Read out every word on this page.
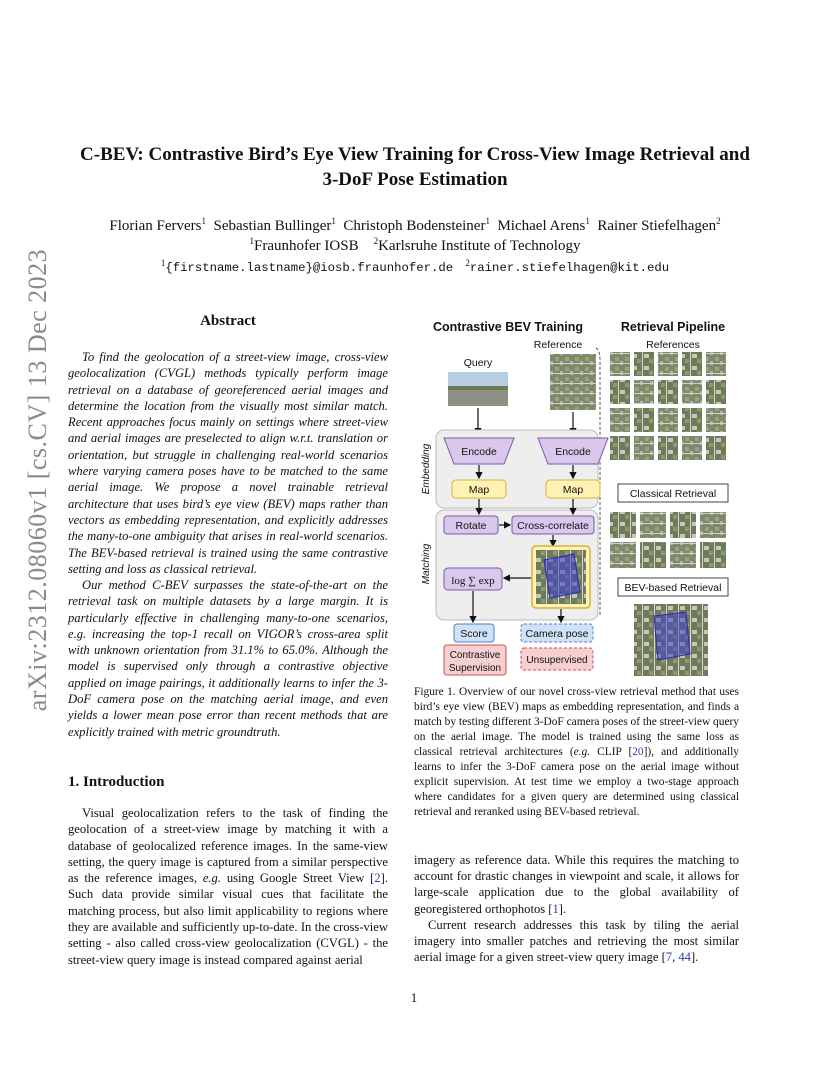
arXiv:2312.08060v1 [cs.CV] 13 Dec 2023
C-BEV: Contrastive Bird’s Eye View Training for Cross-View Image Retrieval and
3-DoF Pose Estimation
Florian Fervers$^1$ Sebastian Bullinger$^1$ Christoph Bodensteiner$^1$ Michael Arens$^1$ Rainer Stiefelhagen$^2$
$^1$Fraunhofer IOSB $^2$Karlsruhe Institute of Technology
$^1${firstname.lastname}@iosb.fraunhofer.de $^2$rainer.stiefelhagen@kit.edu
Abstract

To find the geolocation of a street-view image, cross-view geolocalization (CVGL) methods typically perform image retrieval on a database of georeferenced aerial images and determine the location from the visually most similar match. Recent approaches focus mainly on settings where street-view and aerial images are preselected to align w.r.t. translation or orientation, but struggle in challenging real-world scenarios where varying camera poses have to be matched to the same aerial image. We propose a novel trainable retrieval architecture that uses bird’s eye view (BEV) maps rather than vectors as embedding representation, and explicitly addresses the many-to-one ambiguity that arises in real-world scenarios. The BEV-based retrieval is trained using the same contrastive setting and loss as classical retrieval.

Our method C-BEV surpasses the state-of-the-art on the retrieval task on multiple datasets by a large margin. It is particularly effective in challenging many-to-one scenarios, e.g. increasing the top-1 recall on VIGOR’s cross-area split with unknown orientation from 31.1% to 65.0%. Although the model is supervised only through a contrastive objective applied on image pairings, it additionally learns to infer the 3-DoF camera pose on the matching aerial image, and even yields a lower mean pose error than recent methods that are explicitly trained with metric groundtruth.

1. Introduction

Visual geolocalization refers to the task of finding the geolocation of a street-view image by matching it with a database of geolocalized reference images. In the same-view setting, the query image is captured from a similar perspective as the reference images, e.g. using Google Street View [2]. Such data provide similar visual cues that facilitate the matching process, but also limit applicability to regions where they are available and sufficiently up-to-date. In the cross-view setting - also called cross-view geolocalization (CVGL) - the street-view query image is instead compared against aerial

Contrastive BEV Training	Retrieval Pipeline
Reference	References
Query
Embedding	Encode	Encode
Map	Map
Matching
Rotate	Cross-correlate
log ∑ exp
Score	Camera pose
Contrastive
Supervision
Unsupervised
Classical Retrieval
BEV-based Retrieval
Figure 1. Overview of our novel cross-view retrieval method that uses bird’s eye view (BEV) maps as embedding representation, and finds a match by testing different 3-DoF camera poses of the street-view query on the aerial image. The model is trained using the same loss as classical retrieval architectures (e.g. CLIP [20]), and additionally learns to infer the 3-DoF camera pose on the aerial image without explicit supervision. At test time we employ a two-stage approach where candidates for a given query are determined using classical retrieval and reranked using BEV-based retrieval.

imagery as reference data. While this requires the matching to account for drastic changes in viewpoint and scale, it allows for large-scale application due to the global availability of georegistered orthophotos [1].

Current research addresses this task by tiling the aerial imagery into smaller patches and retrieving the most similar aerial image for a given street-view query image [7, 44].

1
